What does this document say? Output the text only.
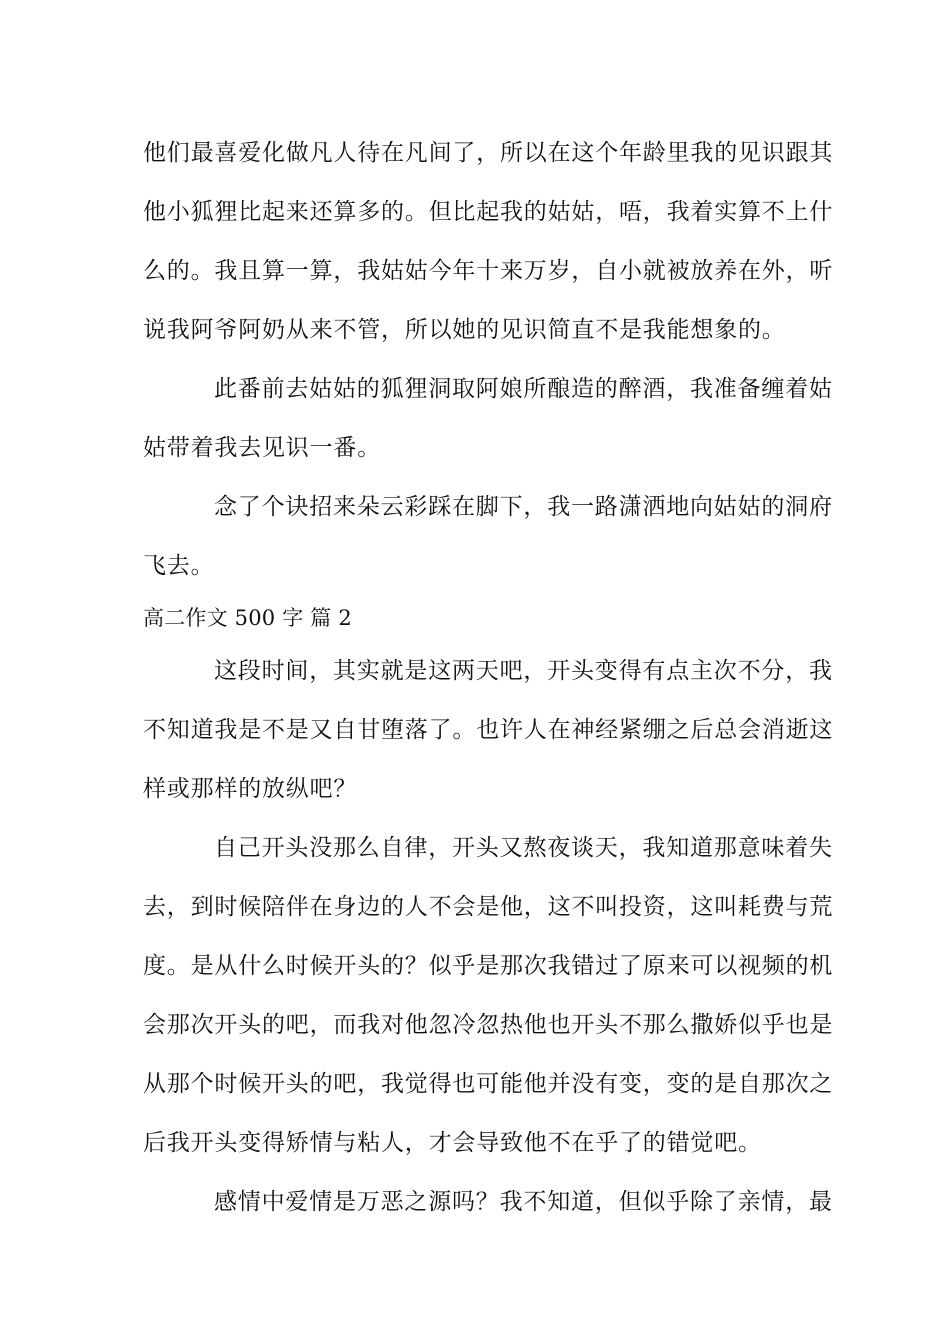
他们最喜爱化做凡人待在凡间了，所以在这个年龄里我的见识跟其
他小狐狸比起来还算多的。但比起我的姑姑，唔，我着实算不上什
么的。我且算一算，我姑姑今年十来万岁，自小就被放养在外，听
说我阿爷阿奶从来不管，所以她的见识简直不是我能想象的。
此番前去姑姑的狐狸洞取阿娘所酿造的醉酒，我准备缠着姑
姑带着我去见识一番。
念了个诀招来朵云彩踩在脚下，我一路潇洒地向姑姑的洞府
飞去。
高二作文 500 字 篇 2
这段时间，其实就是这两天吧，开头变得有点主次不分，我
不知道我是不是又自甘堕落了。也许人在神经紧绷之后总会消逝这
样或那样的放纵吧？
自己开头没那么自律，开头又熬夜谈天，我知道那意味着失
去，到时候陪伴在身边的人不会是他，这不叫投资，这叫耗费与荒
度。是从什么时候开头的？似乎是那次我错过了原来可以视频的机
会那次开头的吧，而我对他忽冷忽热他也开头不那么撒娇似乎也是
从那个时候开头的吧，我觉得也可能他并没有变，变的是自那次之
后我开头变得矫情与粘人，才会导致他不在乎了的错觉吧。
感情中爱情是万恶之源吗？我不知道，但似乎除了亲情，最
